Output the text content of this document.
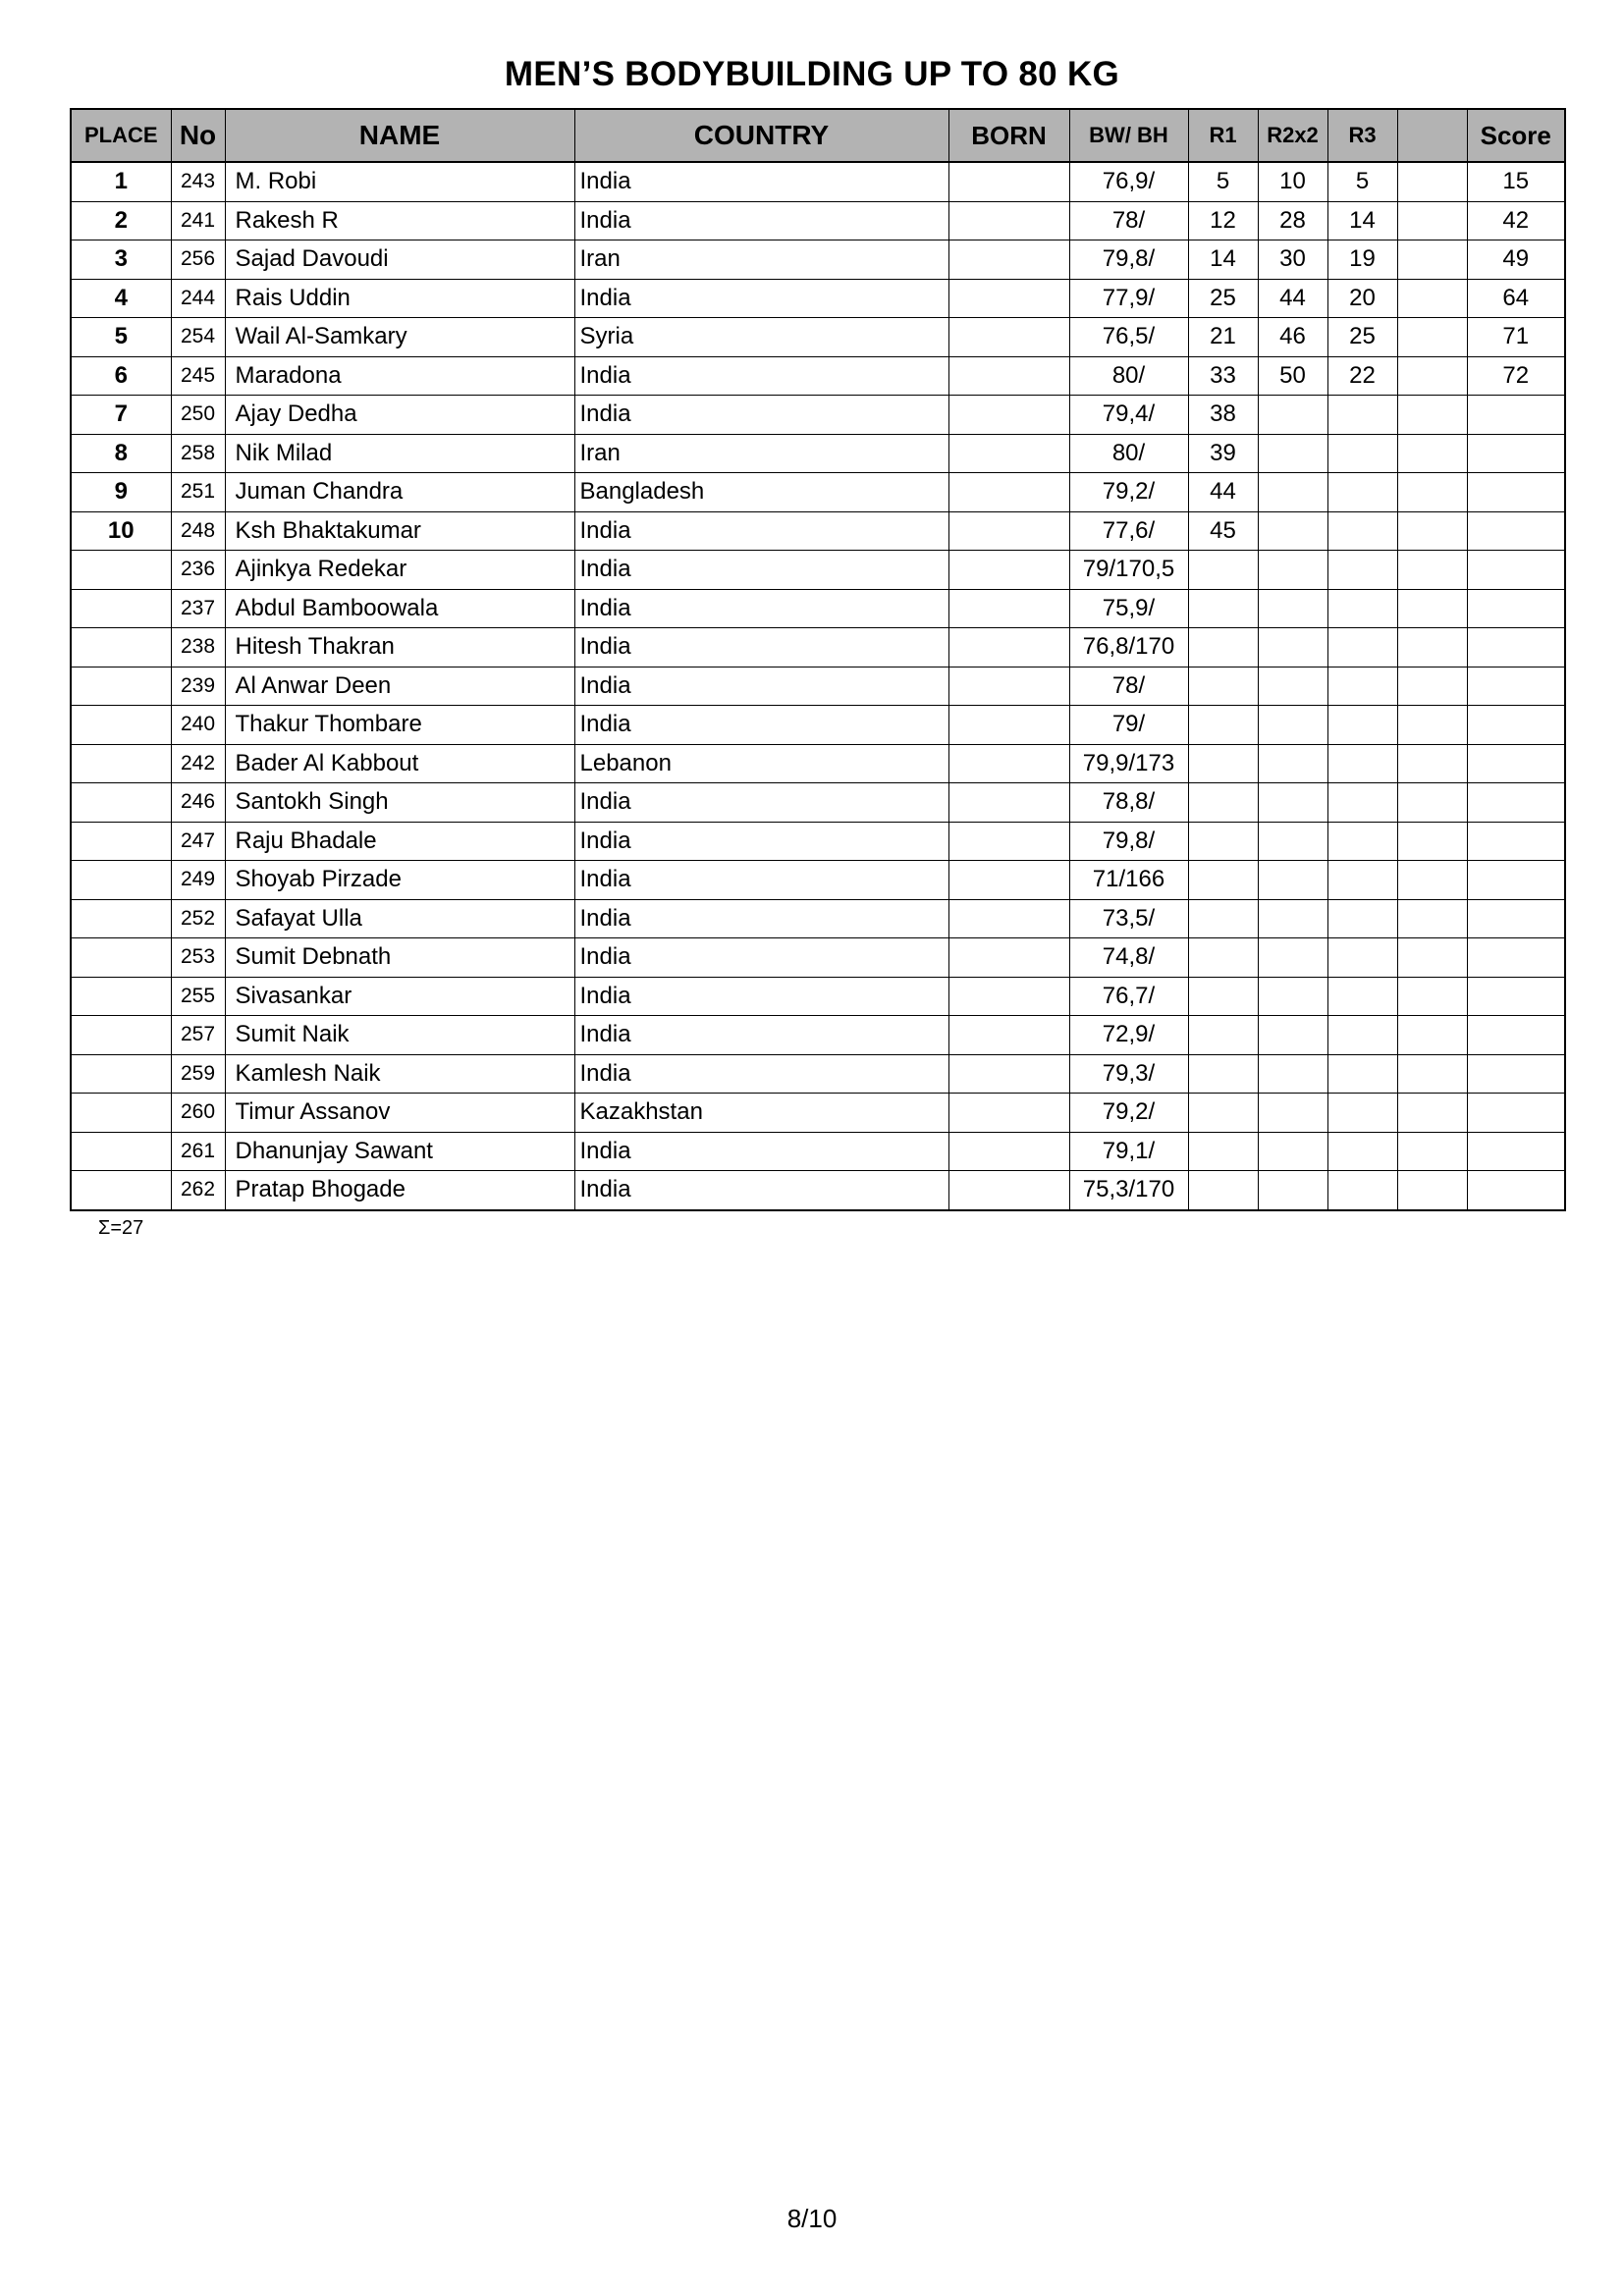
MEN’S BODYBUILDING UP TO 80 KG
PLACE	No	NAME	COUNTRY	BORN	BW/ BH	R1	R2x2	R3		Score
1	243	M. Robi	India		76,9/	5	10	5		15
2	241	Rakesh R	India		78/	12	28	14		42
3	256	Sajad Davoudi	Iran		79,8/	14	30	19		49
4	244	Rais Uddin	India		77,9/	25	44	20		64
5	254	Wail Al-Samkary	Syria		76,5/	21	46	25		71
6	245	Maradona	India		80/	33	50	22		72
7	250	Ajay Dedha	India		79,4/	38				
8	258	Nik Milad	Iran		80/	39				
9	251	Juman Chandra	Bangladesh		79,2/	44				
10	248	Ksh Bhaktakumar	India		77,6/	45				
	236	Ajinkya Redekar	India		79/170,5					
	237	Abdul Bamboowala	India		75,9/					
	238	Hitesh Thakran	India		76,8/170					
	239	Al Anwar Deen	India		78/					
	240	Thakur Thombare	India		79/					
	242	Bader Al Kabbout	Lebanon		79,9/173					
	246	Santokh Singh	India		78,8/					
	247	Raju Bhadale	India		79,8/					
	249	Shoyab Pirzade	India		71/166					
	252	Safayat Ulla	India		73,5/					
	253	Sumit Debnath	India		74,8/					
	255	Sivasankar	India		76,7/					
	257	Sumit Naik	India		72,9/					
	259	Kamlesh Naik	India		79,3/					
	260	Timur Assanov	Kazakhstan		79,2/					
	261	Dhanunjay Sawant	India		79,1/					
	262	Pratap Bhogade	India		75,3/170					
Σ=27
8/10
